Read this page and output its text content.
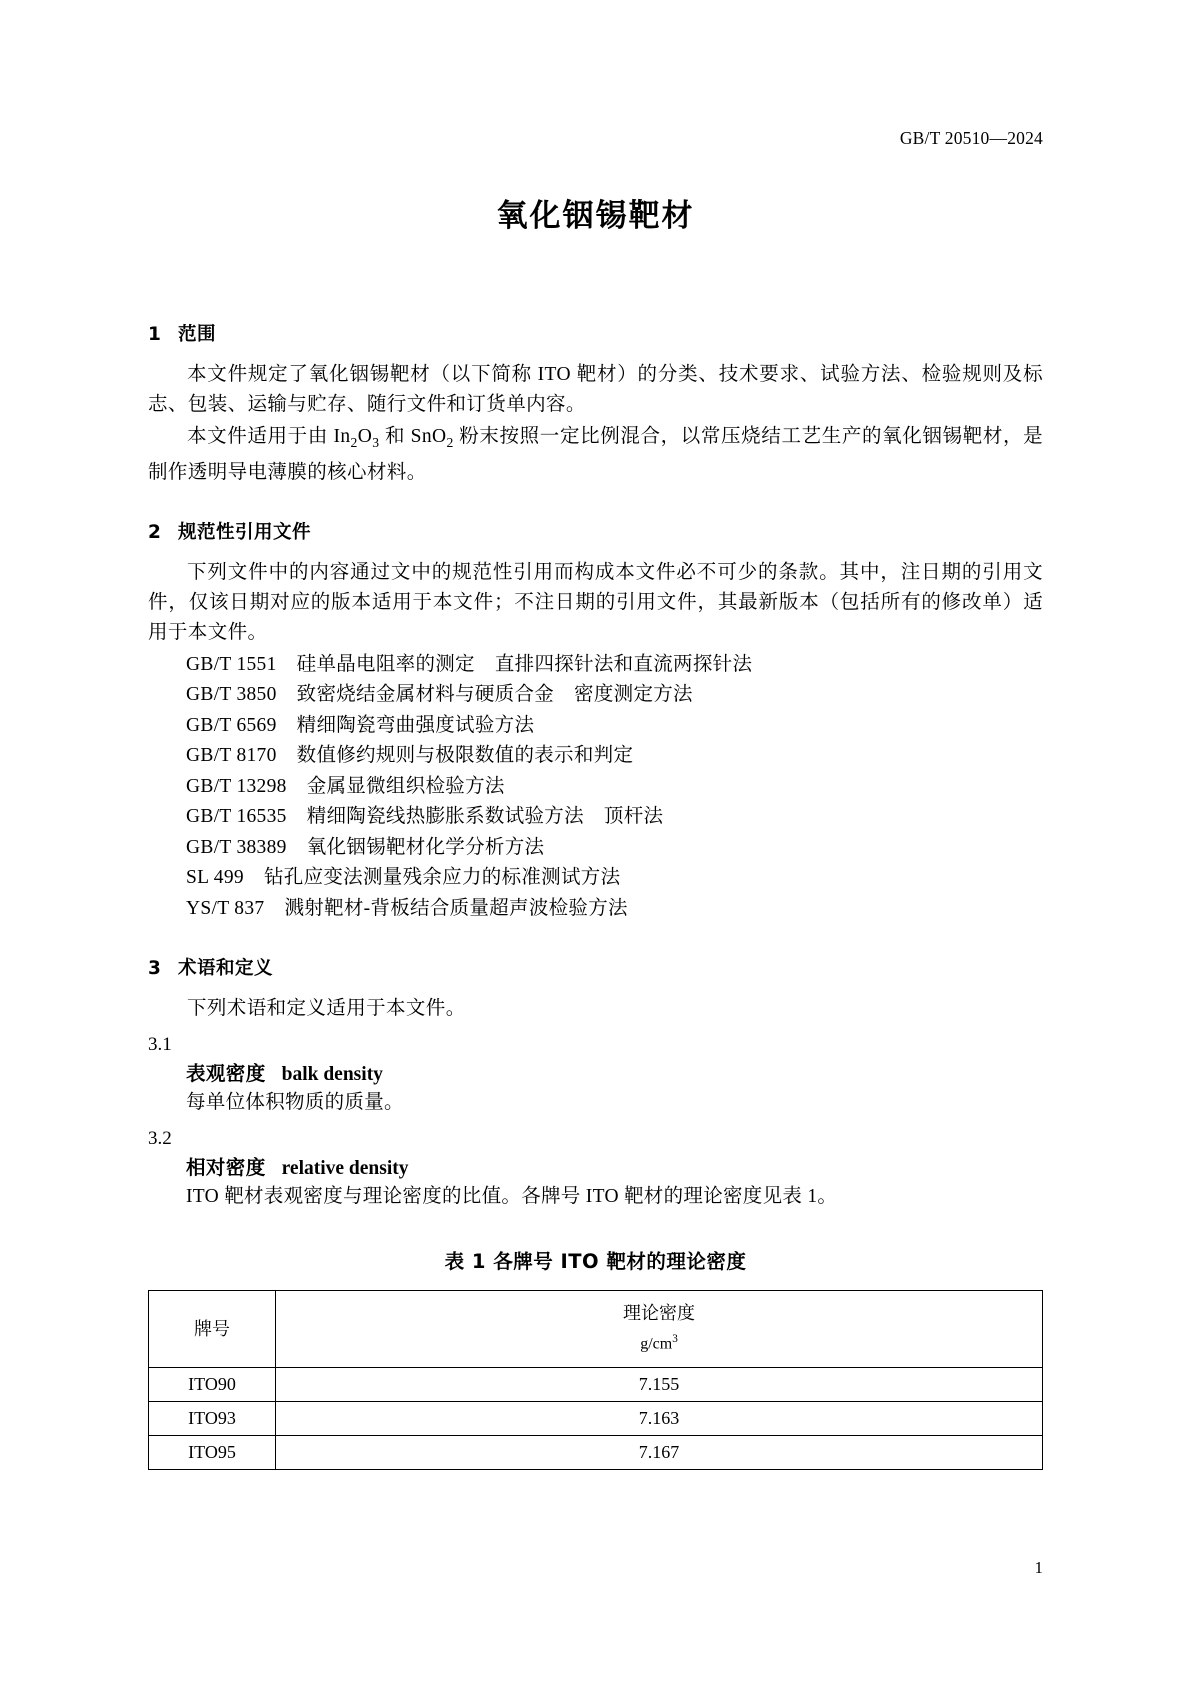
GB/T 20510—2024
氧化铟锡靶材
1 范围

本文件规定了氧化铟锡靶材（以下简称 ITO 靶材）的分类、技术要求、试验方法、检验规则及标志、包装、运输与贮存、随行文件和订货单内容。

本文件适用于由 $In_2O_3$ 和 SnO$_2$ 粉末按照一定比例混合，以常压烧结工艺生产的氧化铟锡靶材，是制作透明导电薄膜的核心材料。

2 规范性引用文件

下列文件中的内容通过文中的规范性引用而构成本文件必不可少的条款。其中，注日期的引用文件，仅该日期对应的版本适用于本文件；不注日期的引用文件，其最新版本（包括所有的修改单）适用于本文件。

GB/T 1551 硅单晶电阻率的测定 直排四探针法和直流两探针法

GB/T 3850 致密烧结金属材料与硬质合金 密度测定方法

GB/T 6569 精细陶瓷弯曲强度试验方法

GB/T 8170 数值修约规则与极限数值的表示和判定

GB/T 13298 金属显微组织检验方法

GB/T 16535 精细陶瓷线热膨胀系数试验方法 顶杆法

GB/T 38389 氧化铟锡靶材化学分析方法

SL 499 钻孔应变法测量残余应力的标准测试方法

YS/T 837 溅射靶材-背板结合质量超声波检验方法

3 术语和定义

下列术语和定义适用于本文件。

3.1

表观密度 balk density

每单位体积物质的质量。

3.2

相对密度 relative density

ITO 靶材表观密度与理论密度的比值。各牌号 ITO 靶材的理论密度见表 1。

表 1 各牌号 ITO 靶材的理论密度
牌号	理论密度
$g/cm^3$

ITO90	7.155
ITO93	7.163
ITO95	7.167
1
